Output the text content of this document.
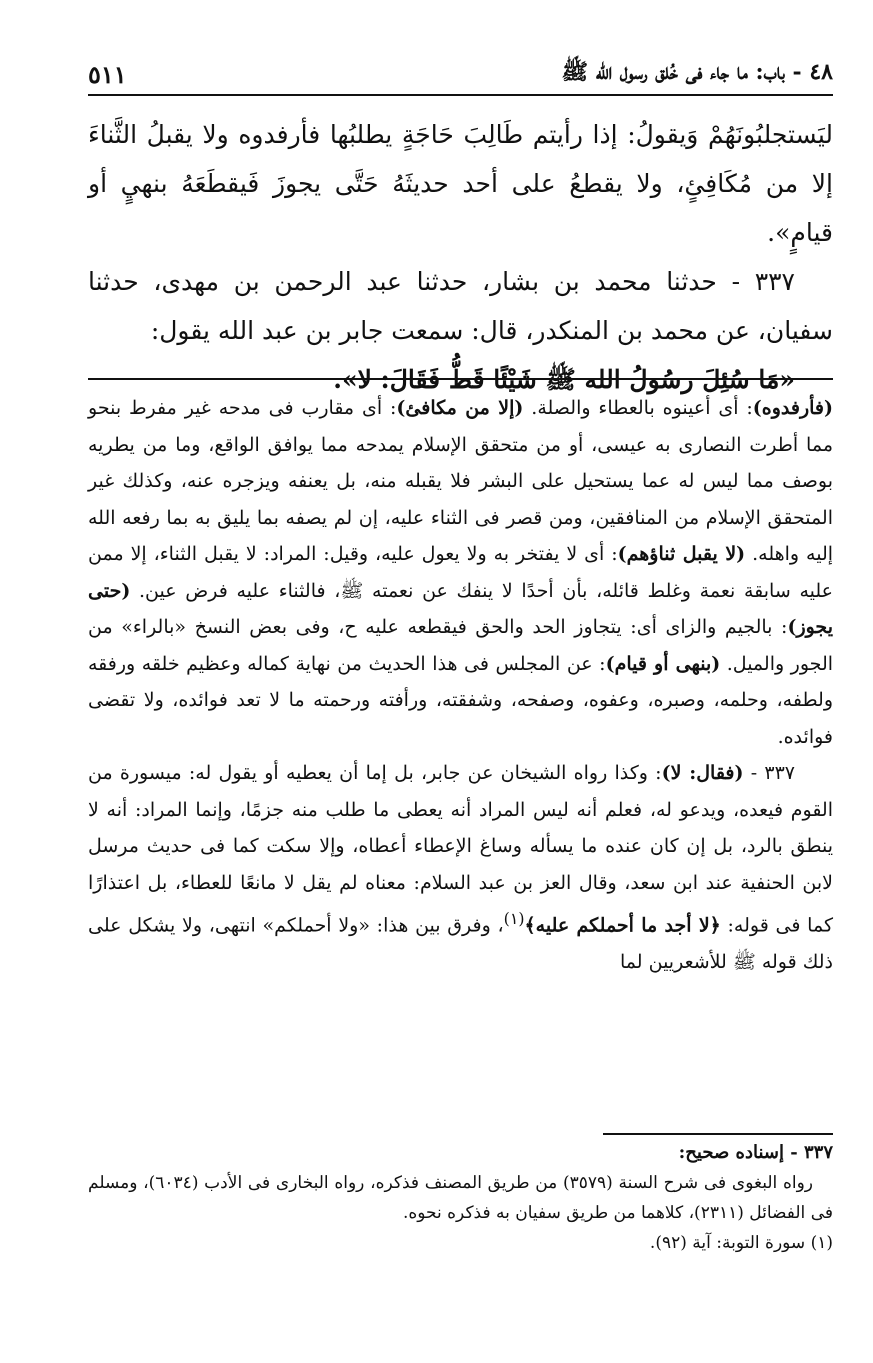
٤٨ - باب: ما جاء فى خُلق رسول الله ﷺ
٥١١

ليَستجلبُونَهُمْ وَيقولُ: إذا رأيتم طَالِبَ حَاجَةٍ يطلبُها فأرفدوه ولا يقبلُ الثَّناءَ إلا من مُكَافِئٍ، ولا يقطعُ على أحد حديثَهُ حَتَّى يجوزَ فَيقطَعَهُ بنهيٍ أو قيامٍ».

٣٣٧ - حدثنا محمد بن بشار، حدثنا عبد الرحمن بن مهدى، حدثنا سفيان، عن محمد بن المنكدر، قال: سمعت جابر بن عبد الله يقول:

«مَا سُئِلَ رسُولُ الله ﷺ شَيْئًا قَطُّ فَقَالَ: لا».

(فأرفدوه): أى أعينوه بالعطاء والصلة. (إلا من مكافئ): أى مقارب فى مدحه غير مفرط بنحو مما أطرت النصارى به عيسى، أو من متحقق الإسلام يمدحه مما يوافق الواقع، وما من يطريه بوصف مما ليس له عما يستحيل على البشر فلا يقبله منه، بل يعنفه ويزجره عنه، وكذلك غير المتحقق الإسلام من المنافقين، ومن قصر فى الثناء عليه، إن لم يصفه بما يليق به بما رفعه الله إليه واهله. (لا يقبل ثناؤهم): أى لا يفتخر به ولا يعول عليه، وقيل: المراد: لا يقبل الثناء، إلا ممن عليه سابقة نعمة وغلط قائله، بأن أحدًا لا ينفك عن نعمته ﷺ، فالثناء عليه فرض عين. (حتى يجوز): بالجيم والزاى أى: يتجاوز الحد والحق فيقطعه عليه ح، وفى بعض النسخ «بالراء» من الجور والميل. (بنهى أو قيام): عن المجلس فى هذا الحديث من نهاية كماله وعظيم خلقه ورفقه ولطفه، وحلمه، وصبره، وعفوه، وصفحه، وشفقته، ورأفته ورحمته ما لا تعد فوائده، ولا تقضى فوائده.

٣٣٧ - (فقال: لا): وكذا رواه الشيخان عن جابر، بل إما أن يعطيه أو يقول له: ميسورة من القوم فيعده، ويدعو له، فعلم أنه ليس المراد أنه يعطى ما طلب منه جزمًا، وإنما المراد: أنه لا ينطق بالرد، بل إن كان عنده ما يسأله وساغ الإعطاء أعطاه، وإلا سكت كما فى حديث مرسل لابن الحنفية عند ابن سعد، وقال العز بن عبد السلام: معناه لم يقل لا مانعًا للعطاء، بل اعتذارًا كما فى قوله: ﴿لا أجد ما أحملكم عليه﴾$^{(١)}$، وفرق بين هذا: «ولا أحملكم» انتهى، ولا يشكل على ذلك قوله ﷺ للأشعريين لما

٣٣٧ - إسناده صحيح:

رواه البغوى فى شرح السنة (٣٥٧٩) من طريق المصنف فذكره، رواه البخارى فى الأدب (٦٠٣٤)، ومسلم فى الفضائل (٢٣١١)، كلاهما من طريق سفيان به فذكره نحوه.

(١) سورة التوبة: آية (٩٢).
